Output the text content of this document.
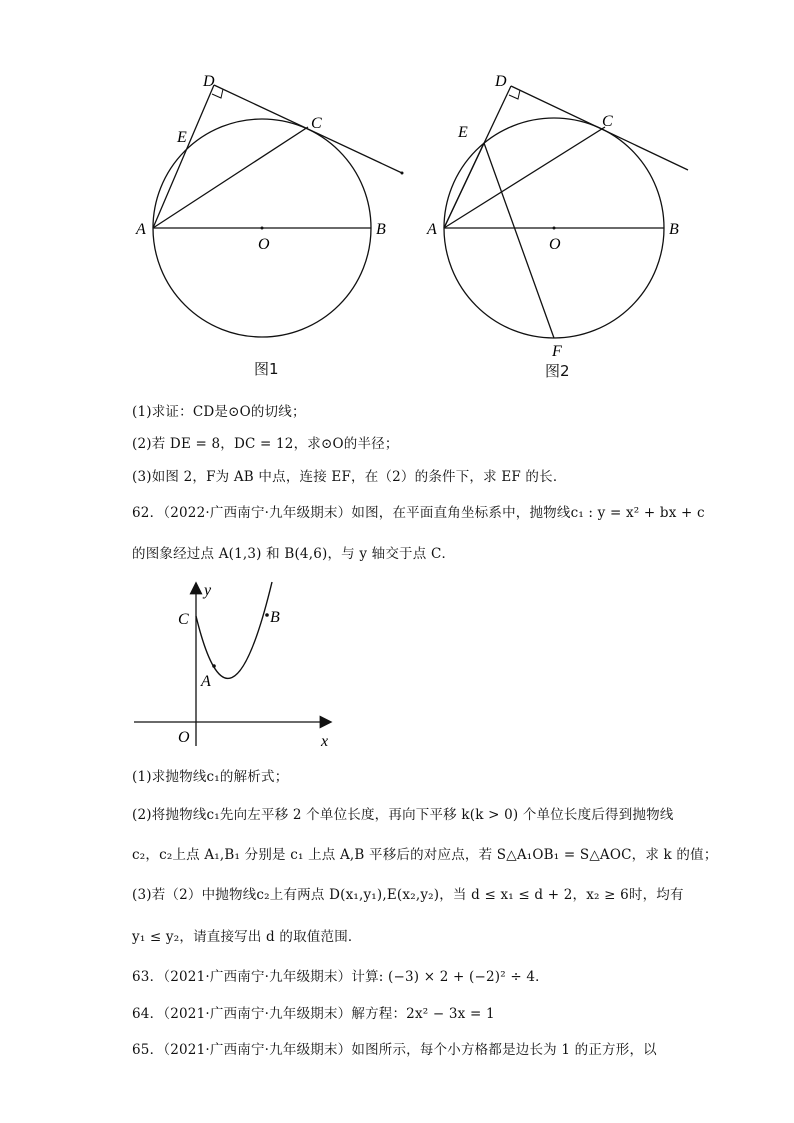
D
E
C
A	B
O
图1
D
E
C
A	B
O
F
图2
(1)求证：CD是⊙O的切线；
(2)若 DE = 8，DC = 12，求⊙O的半径；
(3)如图 2，F为 AB 中点，连接 EF，在（2）的条件下，求 EF 的长．
62．（2022·广西南宁·九年级期末）如图，在平面直角坐标系中，抛物线c₁ : y = x² + bx + c
的图象经过点 A(1,3) 和 B(4,6)，与 y 轴交于点 C．
y
x
C	B
A
O
(1)求抛物线c₁的解析式；
(2)将抛物线c₁先向左平移 2 个单位长度，再向下平移 k(k > 0) 个单位长度后得到抛物线
c₂，c₂上点 A₁,B₁ 分别是 c₁ 上点 A,B 平移后的对应点，若 S△A₁OB₁ = S△AOC，求 k 的值；
(3)若（2）中抛物线c₂上有两点 D(x₁,y₁),E(x₂,y₂)，当 d ≤ x₁ ≤ d + 2，x₂ ≥ 6时，均有
y₁ ≤ y₂，请直接写出 d 的取值范围．
63．（2021·广西南宁·九年级期末）计算: (−3) × 2 + (−2)² ÷ 4．
64．（2021·广西南宁·九年级期末）解方程：2x² − 3x = 1
65．（2021·广西南宁·九年级期末）如图所示，每个小方格都是边长为 1 的正方形，以
